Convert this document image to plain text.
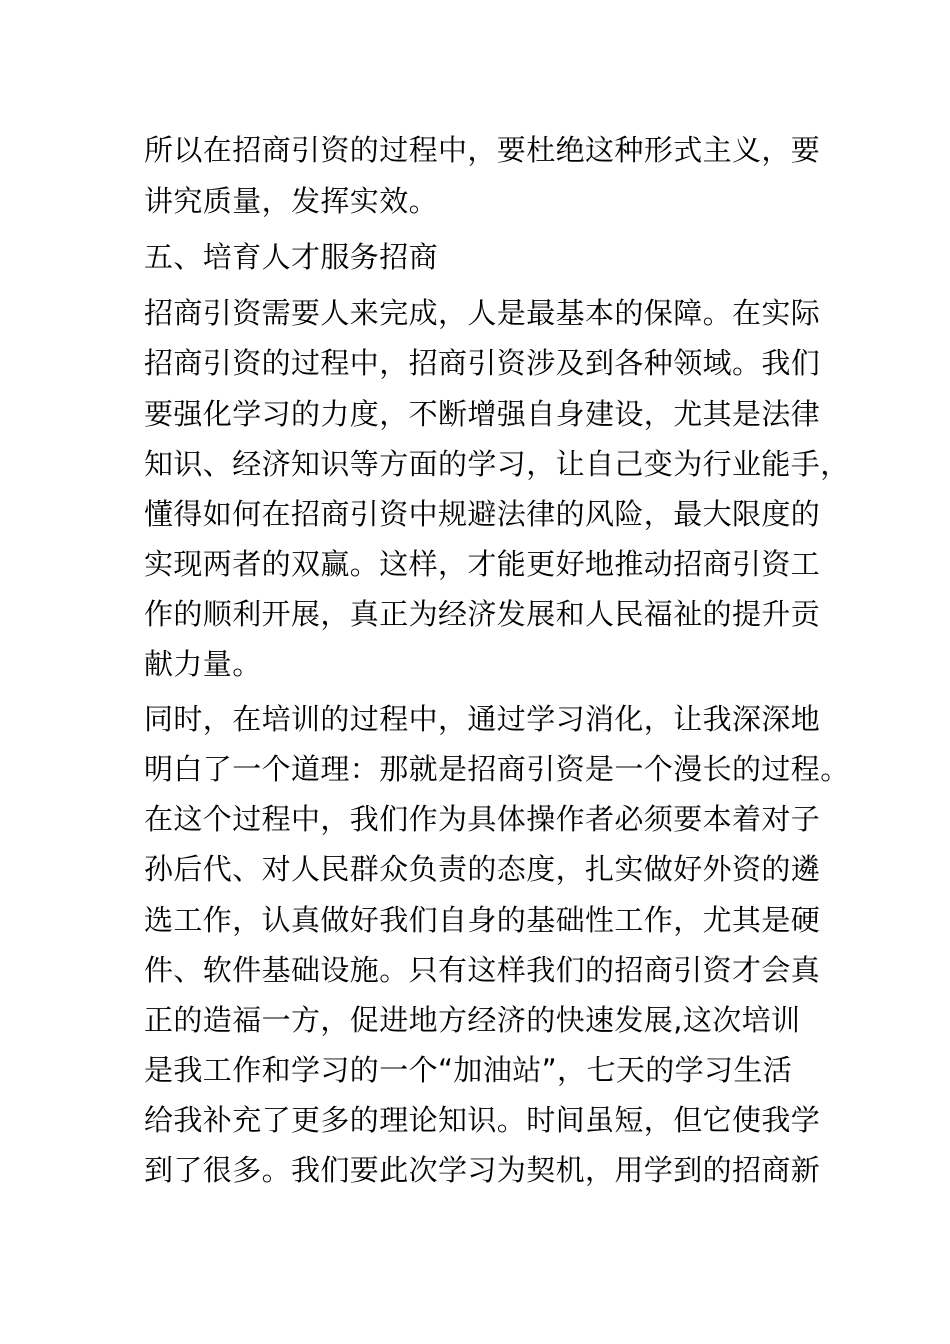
所以在招商引资的过程中，要杜绝这种形式主义，要
讲究质量，发挥实效。
五、培育人才服务招商
招商引资需要人来完成，人是最基本的保障。在实际
招商引资的过程中，招商引资涉及到各种领域。我们
要强化学习的力度，不断增强自身建设，尤其是法律
知识、经济知识等方面的学习，让自己变为行业能手，
懂得如何在招商引资中规避法律的风险，最大限度的
实现两者的双赢。这样，才能更好地推动招商引资工
作的顺利开展，真正为经济发展和人民福祉的提升贡
献力量。
同时，在培训的过程中，通过学习消化，让我深深地
明白了一个道理：那就是招商引资是一个漫长的过程。
在这个过程中，我们作为具体操作者必须要本着对子
孙后代、对人民群众负责的态度，扎实做好外资的遴
选工作，认真做好我们自身的基础性工作，尤其是硬
件、软件基础设施。只有这样我们的招商引资才会真
正的造福一方，促进地方经济的快速发展,这次培训
是我工作和学习的一个“加油站”，七天的学习生活
给我补充了更多的理论知识。时间虽短，但它使我学
到了很多。我们要此次学习为契机，用学到的招商新
